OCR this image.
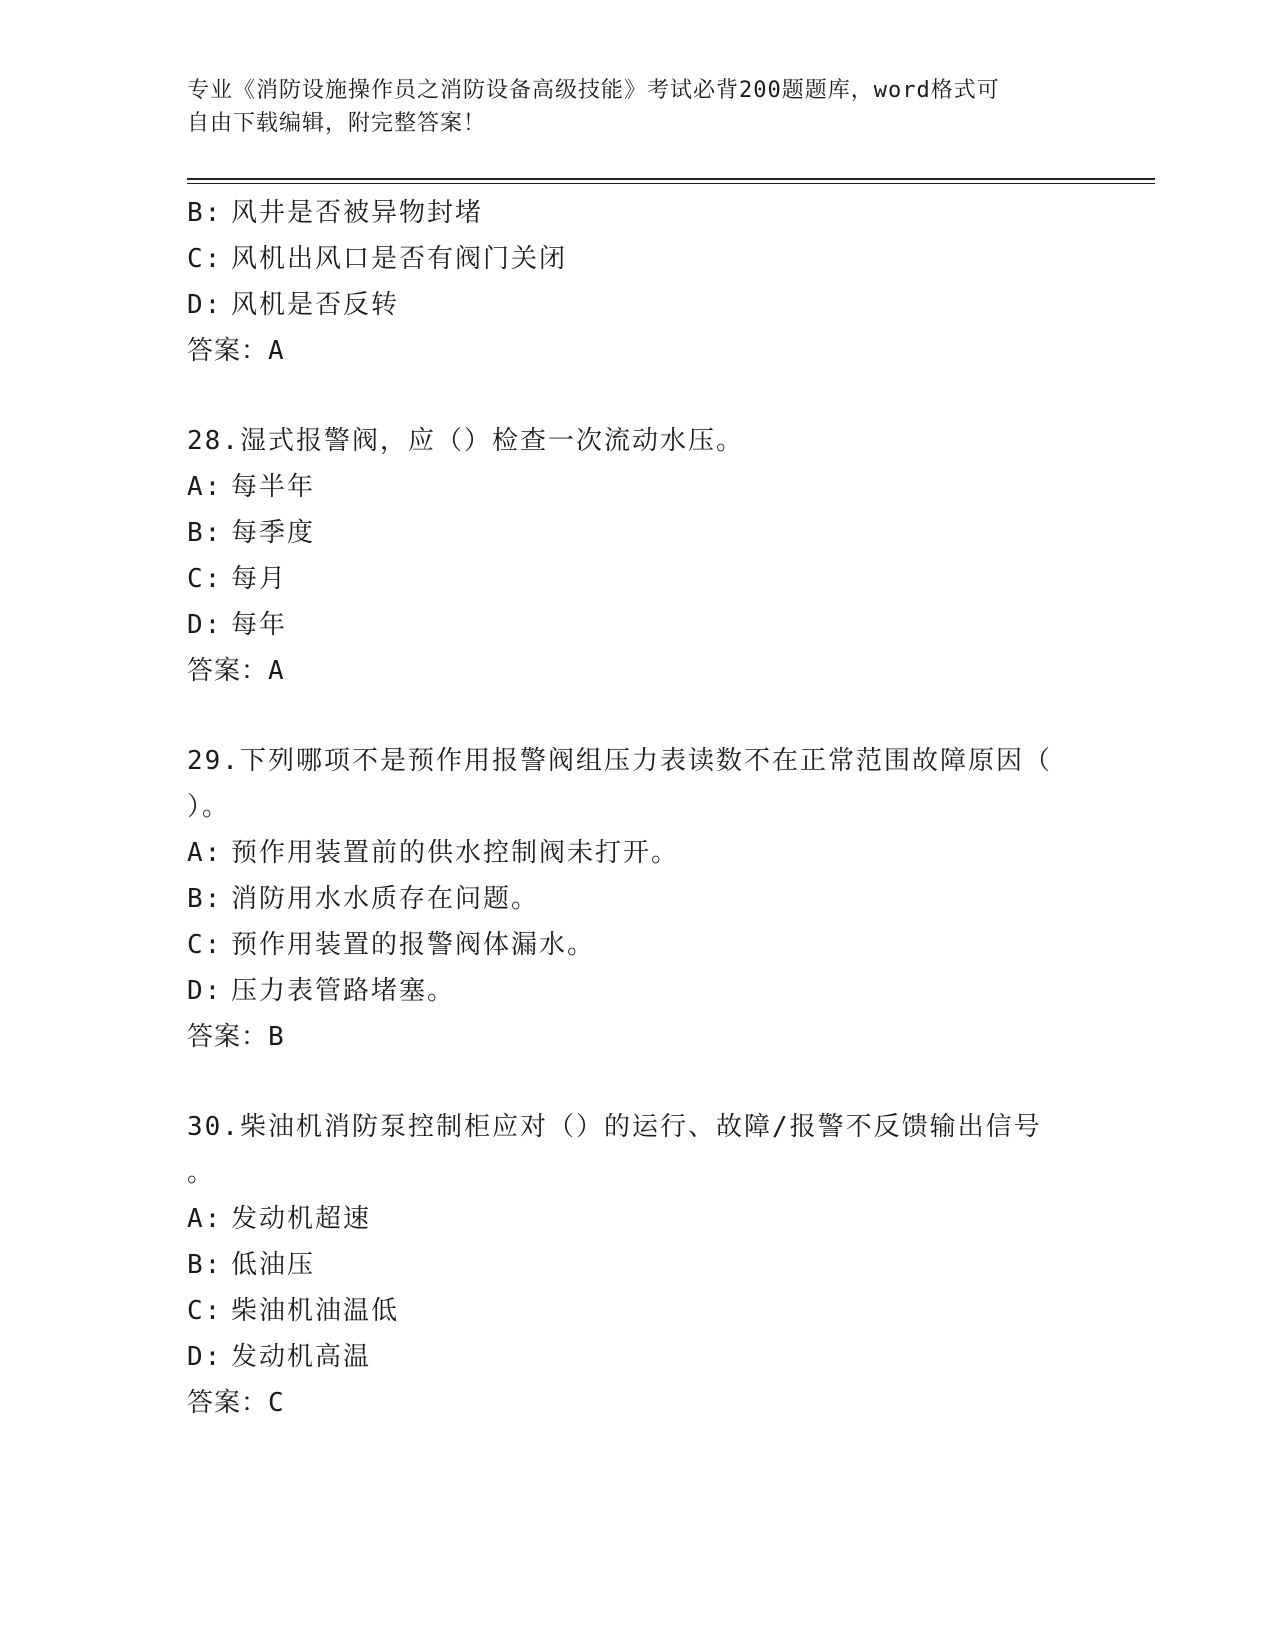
专业《消防设施操作员之消防设备高级技能》考试必背200题题库，word格式可
自由下载编辑，附完整答案！
B: 风井是否被异物封堵
C: 风机出风口是否有阀门关闭
D: 风机是否反转
答案：A
28.湿式报警阀，应（）检查一次流动水压。
A: 每半年
B: 每季度
C: 每月
D: 每年
答案：A
29.下列哪项不是预作用报警阀组压力表读数不在正常范围故障原因（
）。
A: 预作用装置前的供水控制阀未打开。
B: 消防用水水质存在问题。
C: 预作用装置的报警阀体漏水。
D: 压力表管路堵塞。
答案：B
30.柴油机消防泵控制柜应对（）的运行、故障/报警不反馈输出信号
。
A: 发动机超速
B: 低油压
C: 柴油机油温低
D: 发动机高温
答案：C
